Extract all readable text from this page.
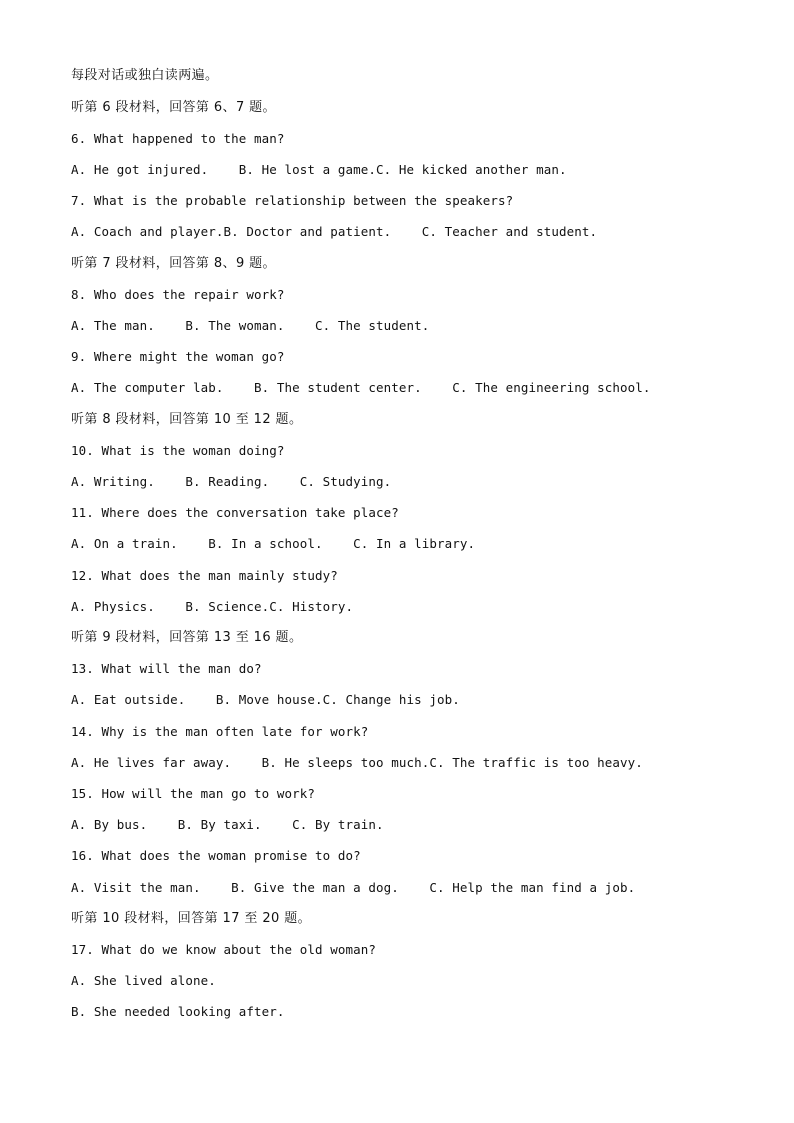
每段对话或独白读两遍。
听第 6 段材料，回答第 6、7 题。
6. What happened to the man?
A. He got injured.    B. He lost a game.C. He kicked another man.
7. What is the probable relationship between the speakers?
A. Coach and player.B. Doctor and patient.    C. Teacher and student.
听第 7 段材料，回答第 8、9 题。
8. Who does the repair work?
A. The man.    B. The woman.    C. The student.
9. Where might the woman go?
A. The computer lab.    B. The student center.    C. The engineering school.
听第 8 段材料，回答第 10 至 12 题。
10. What is the woman doing?
A. Writing.    B. Reading.    C. Studying.
11. Where does the conversation take place?
A. On a train.    B. In a school.    C. In a library.
12. What does the man mainly study?
A. Physics.    B. Science.C. History.
听第 9 段材料，回答第 13 至 16 题。
13. What will the man do?
A. Eat outside.    B. Move house.C. Change his job.
14. Why is the man often late for work?
A. He lives far away.    B. He sleeps too much.C. The traffic is too heavy.
15. How will the man go to work?
A. By bus.    B. By taxi.    C. By train.
16. What does the woman promise to do?
A. Visit the man.    B. Give the man a dog.    C. Help the man find a job.
听第 10 段材料，回答第 17 至 20 题。
17. What do we know about the old woman?
A. She lived alone.
B. She needed looking after.
